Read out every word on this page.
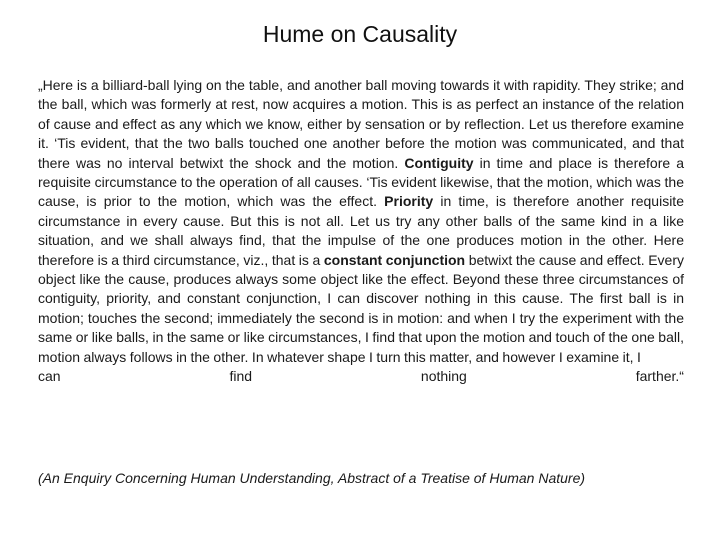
Hume on Causality
„Here is a billiard-ball lying on the table, and another ball moving towards it with rapidity. They strike; and the ball, which was formerly at rest, now acquires a motion. This is as perfect an instance of the relation of cause and effect as any which we know, either by sensation or by reflection. Let us therefore examine it. ‘Tis evident, that the two balls touched one another before the motion was communicated, and that there was no interval betwixt the shock and the motion. Contiguity in time and place is therefore a requisite circumstance to the operation of all causes. ‘Tis evident likewise, that the motion, which was the cause, is prior to the motion, which was the effect. Priority in time, is therefore another requisite circumstance in every cause. But this is not all. Let us try any other balls of the same kind in a like situation, and we shall always find, that the impulse of the one produces motion in the other. Here therefore is a third circumstance, viz., that is a constant conjunction betwixt the cause and effect. Every object like the cause, produces always some object like the effect. Beyond these three circumstances of contiguity, priority, and constant conjunction, I can discover nothing in this cause. The first ball is in motion; touches the second; immediately the second is in motion: and when I try the experiment with the same or like balls, in the same or like circumstances, I find that upon the motion and touch of the one ball, motion always follows in the other. In whatever shape I turn this matter, and however I examine it, I
can	find	nothing	farther.“
(An Enquiry Concerning Human Understanding, Abstract of a Treatise of Human Nature)
